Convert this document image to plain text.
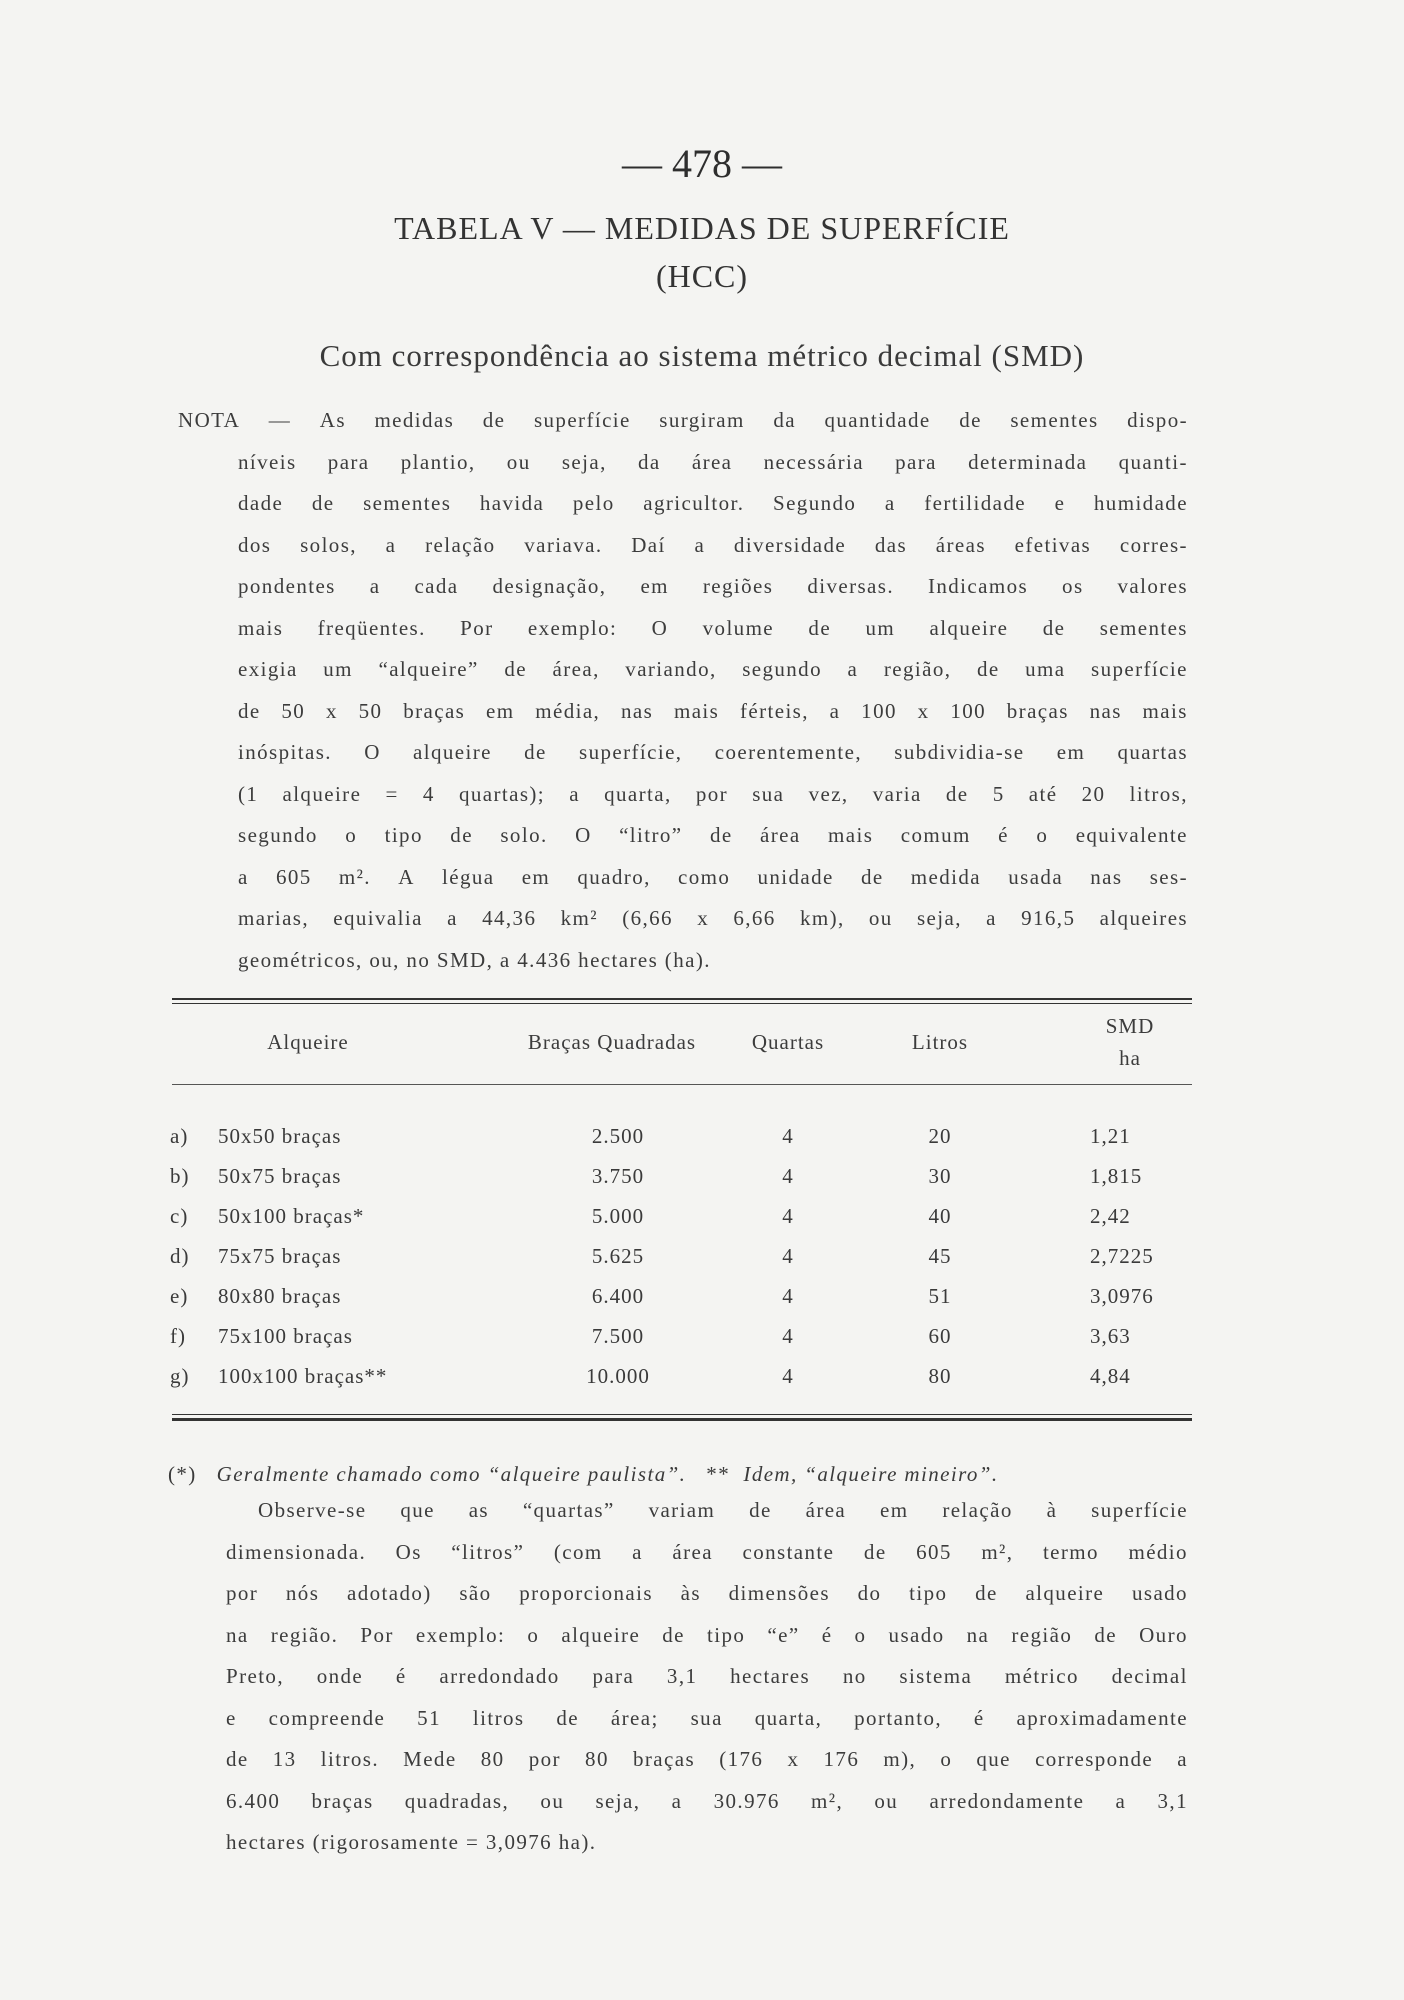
— 478 —
TABELA V — MEDIDAS DE SUPERFÍCIE
(HCC)
Com correspondência ao sistema métrico decimal (SMD)
NOTA — As medidas de superfície surgiram da quantidade de sementes dispo-
níveis para plantio, ou seja, da área necessária para determinada quanti-
dade de sementes havida pelo agricultor. Segundo a fertilidade e humidade
dos solos, a relação variava. Daí a diversidade das áreas efetivas corres-
pondentes a cada designação, em regiões diversas. Indicamos os valores
mais freqüentes. Por exemplo: O volume de um alqueire de sementes
exigia um “alqueire” de área, variando, segundo a região, de uma superfície
de 50 x 50 braças em média, nas mais férteis, a 100 x 100 braças nas mais
inóspitas. O alqueire de superfície, coerentemente, subdividia-se em quartas
(1 alqueire = 4 quartas); a quarta, por sua vez, varia de 5 até 20 litros,
segundo o tipo de solo. O “litro” de área mais comum é o equivalente
a 605 m². A légua em quadro, como unidade de medida usada nas ses-
marias, equivalia a 44,36 km² (6,66 x 6,66 km), ou seja, a 916,5 alqueires
geométricos, ou, no SMD, a 4.436 hectares (ha).
Alqueire	Braças Quadradas	Quartas	Litros
SMD
ha
a)	50x50 braças	2.500	4	20	1,21
b)	50x75 braças	3.750	4	30	1,815
c)	50x100 braças*	5.000	4	40	2,42
d)	75x75 braças	5.625	4	45	2,7225
e)	80x80 braças	6.400	4	51	3,0976
f)	75x100 braças	7.500	4	60	3,63
g)	100x100 braças**	10.000	4	80	4,84
(*) Geralmente chamado como “alqueire paulista”. ** Idem, “alqueire mineiro”.
Observe-se que as “quartas” variam de área em relação à superfície
dimensionada. Os “litros” (com a área constante de 605 m², termo médio
por nós adotado) são proporcionais às dimensões do tipo de alqueire usado
na região. Por exemplo: o alqueire de tipo “e” é o usado na região de Ouro
Preto, onde é arredondado para 3,1 hectares no sistema métrico decimal
e compreende 51 litros de área; sua quarta, portanto, é aproximadamente
de 13 litros. Mede 80 por 80 braças (176 x 176 m), o que corresponde a
6.400 braças quadradas, ou seja, a 30.976 m², ou arredondamente a 3,1
hectares (rigorosamente = 3,0976 ha).
